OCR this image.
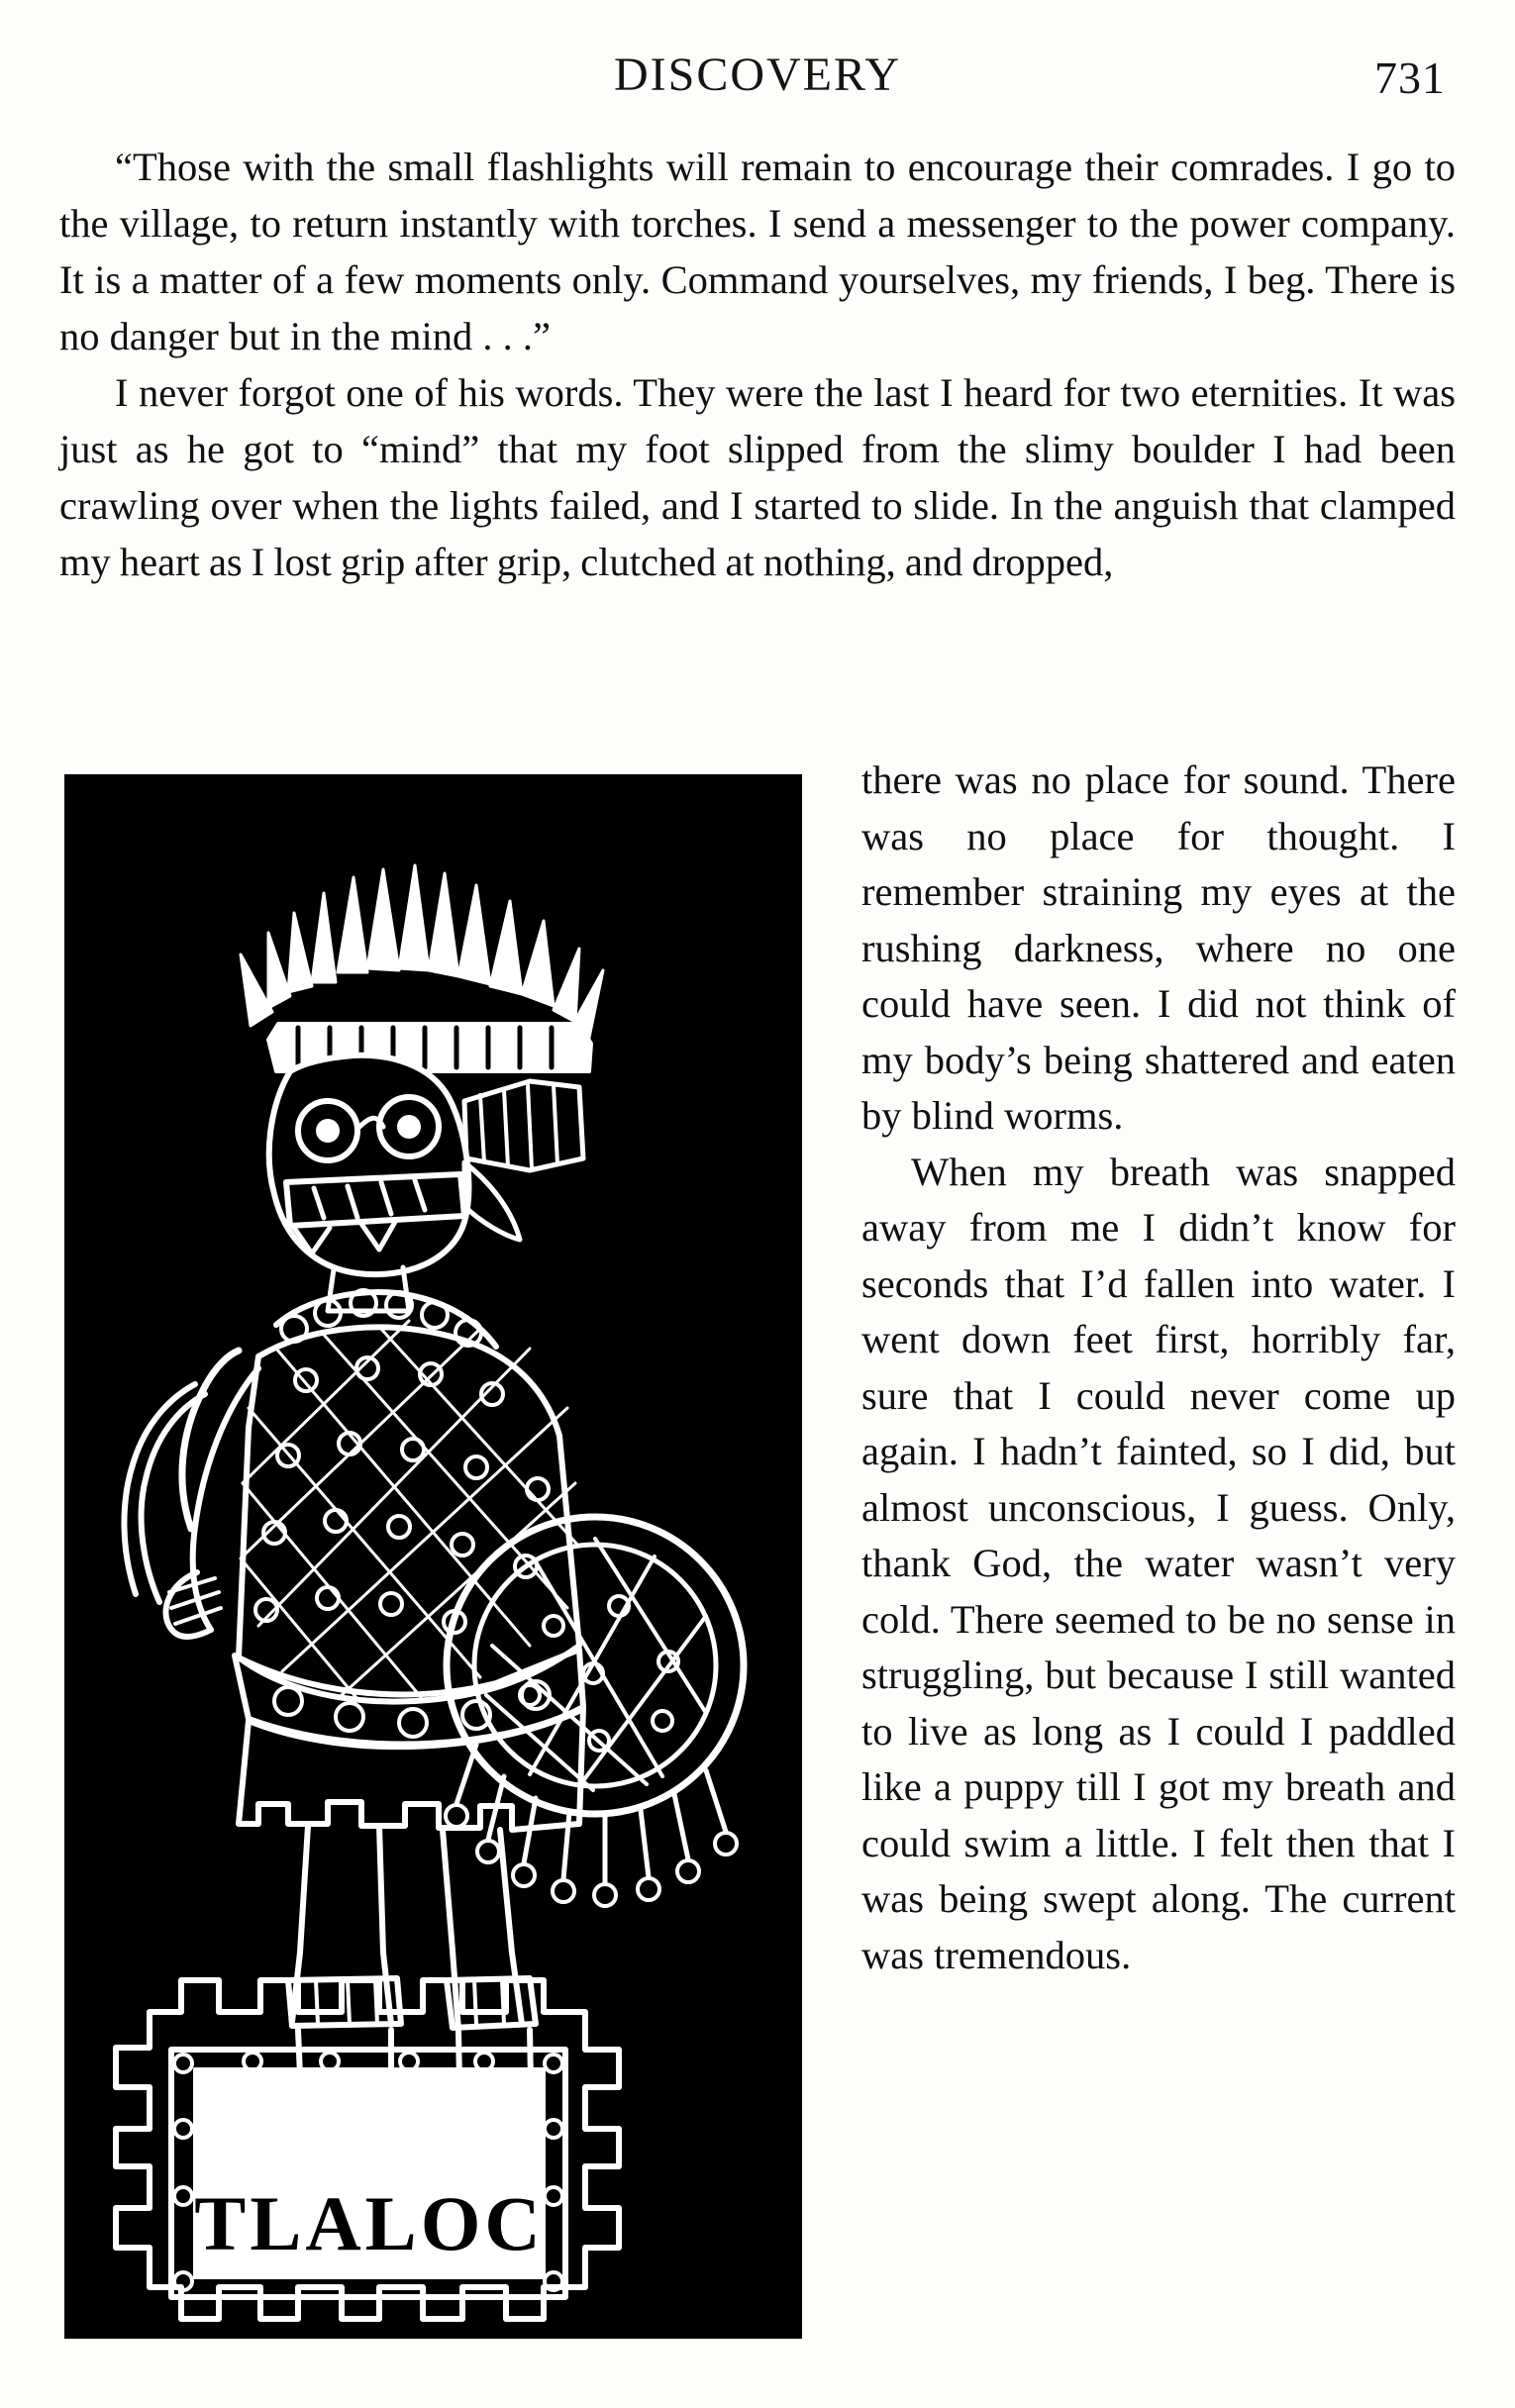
DISCOVERY	731

“Those with the small flashlights will remain to encourage their comrades. I go to the village, to return instantly with torches. I send a messenger to the power company. It is a matter of a few moments only. Command yourselves, my friends, I beg. There is no danger but in the mind . . .”

I never forgot one of his words. They were the last I heard for two eternities. It was just as he got to “mind” that my foot slipped from the slimy boulder I had been crawling over when the lights failed, and I started to slide. In the anguish that clamped my heart as I lost grip after grip, clutched at nothing, and dropped,

TLALOC

there was no place for sound. There was no place for thought. I remember straining my eyes at the rushing darkness, where no one could have seen. I did not think of my body’s being shattered and eaten by blind worms.

When my breath was snapped away from me I didn’t know for seconds that I’d fallen into water. I went down feet first, horribly far, sure that I could never come up again. I hadn’t fainted, so I did, but almost unconscious, I guess. Only, thank God, the water wasn’t very cold. There seemed to be no sense in struggling, but because I still wanted to live as long as I could I paddled like a puppy till I got my breath and could swim a little. I felt then that I was being swept along. The current was tremendous.
